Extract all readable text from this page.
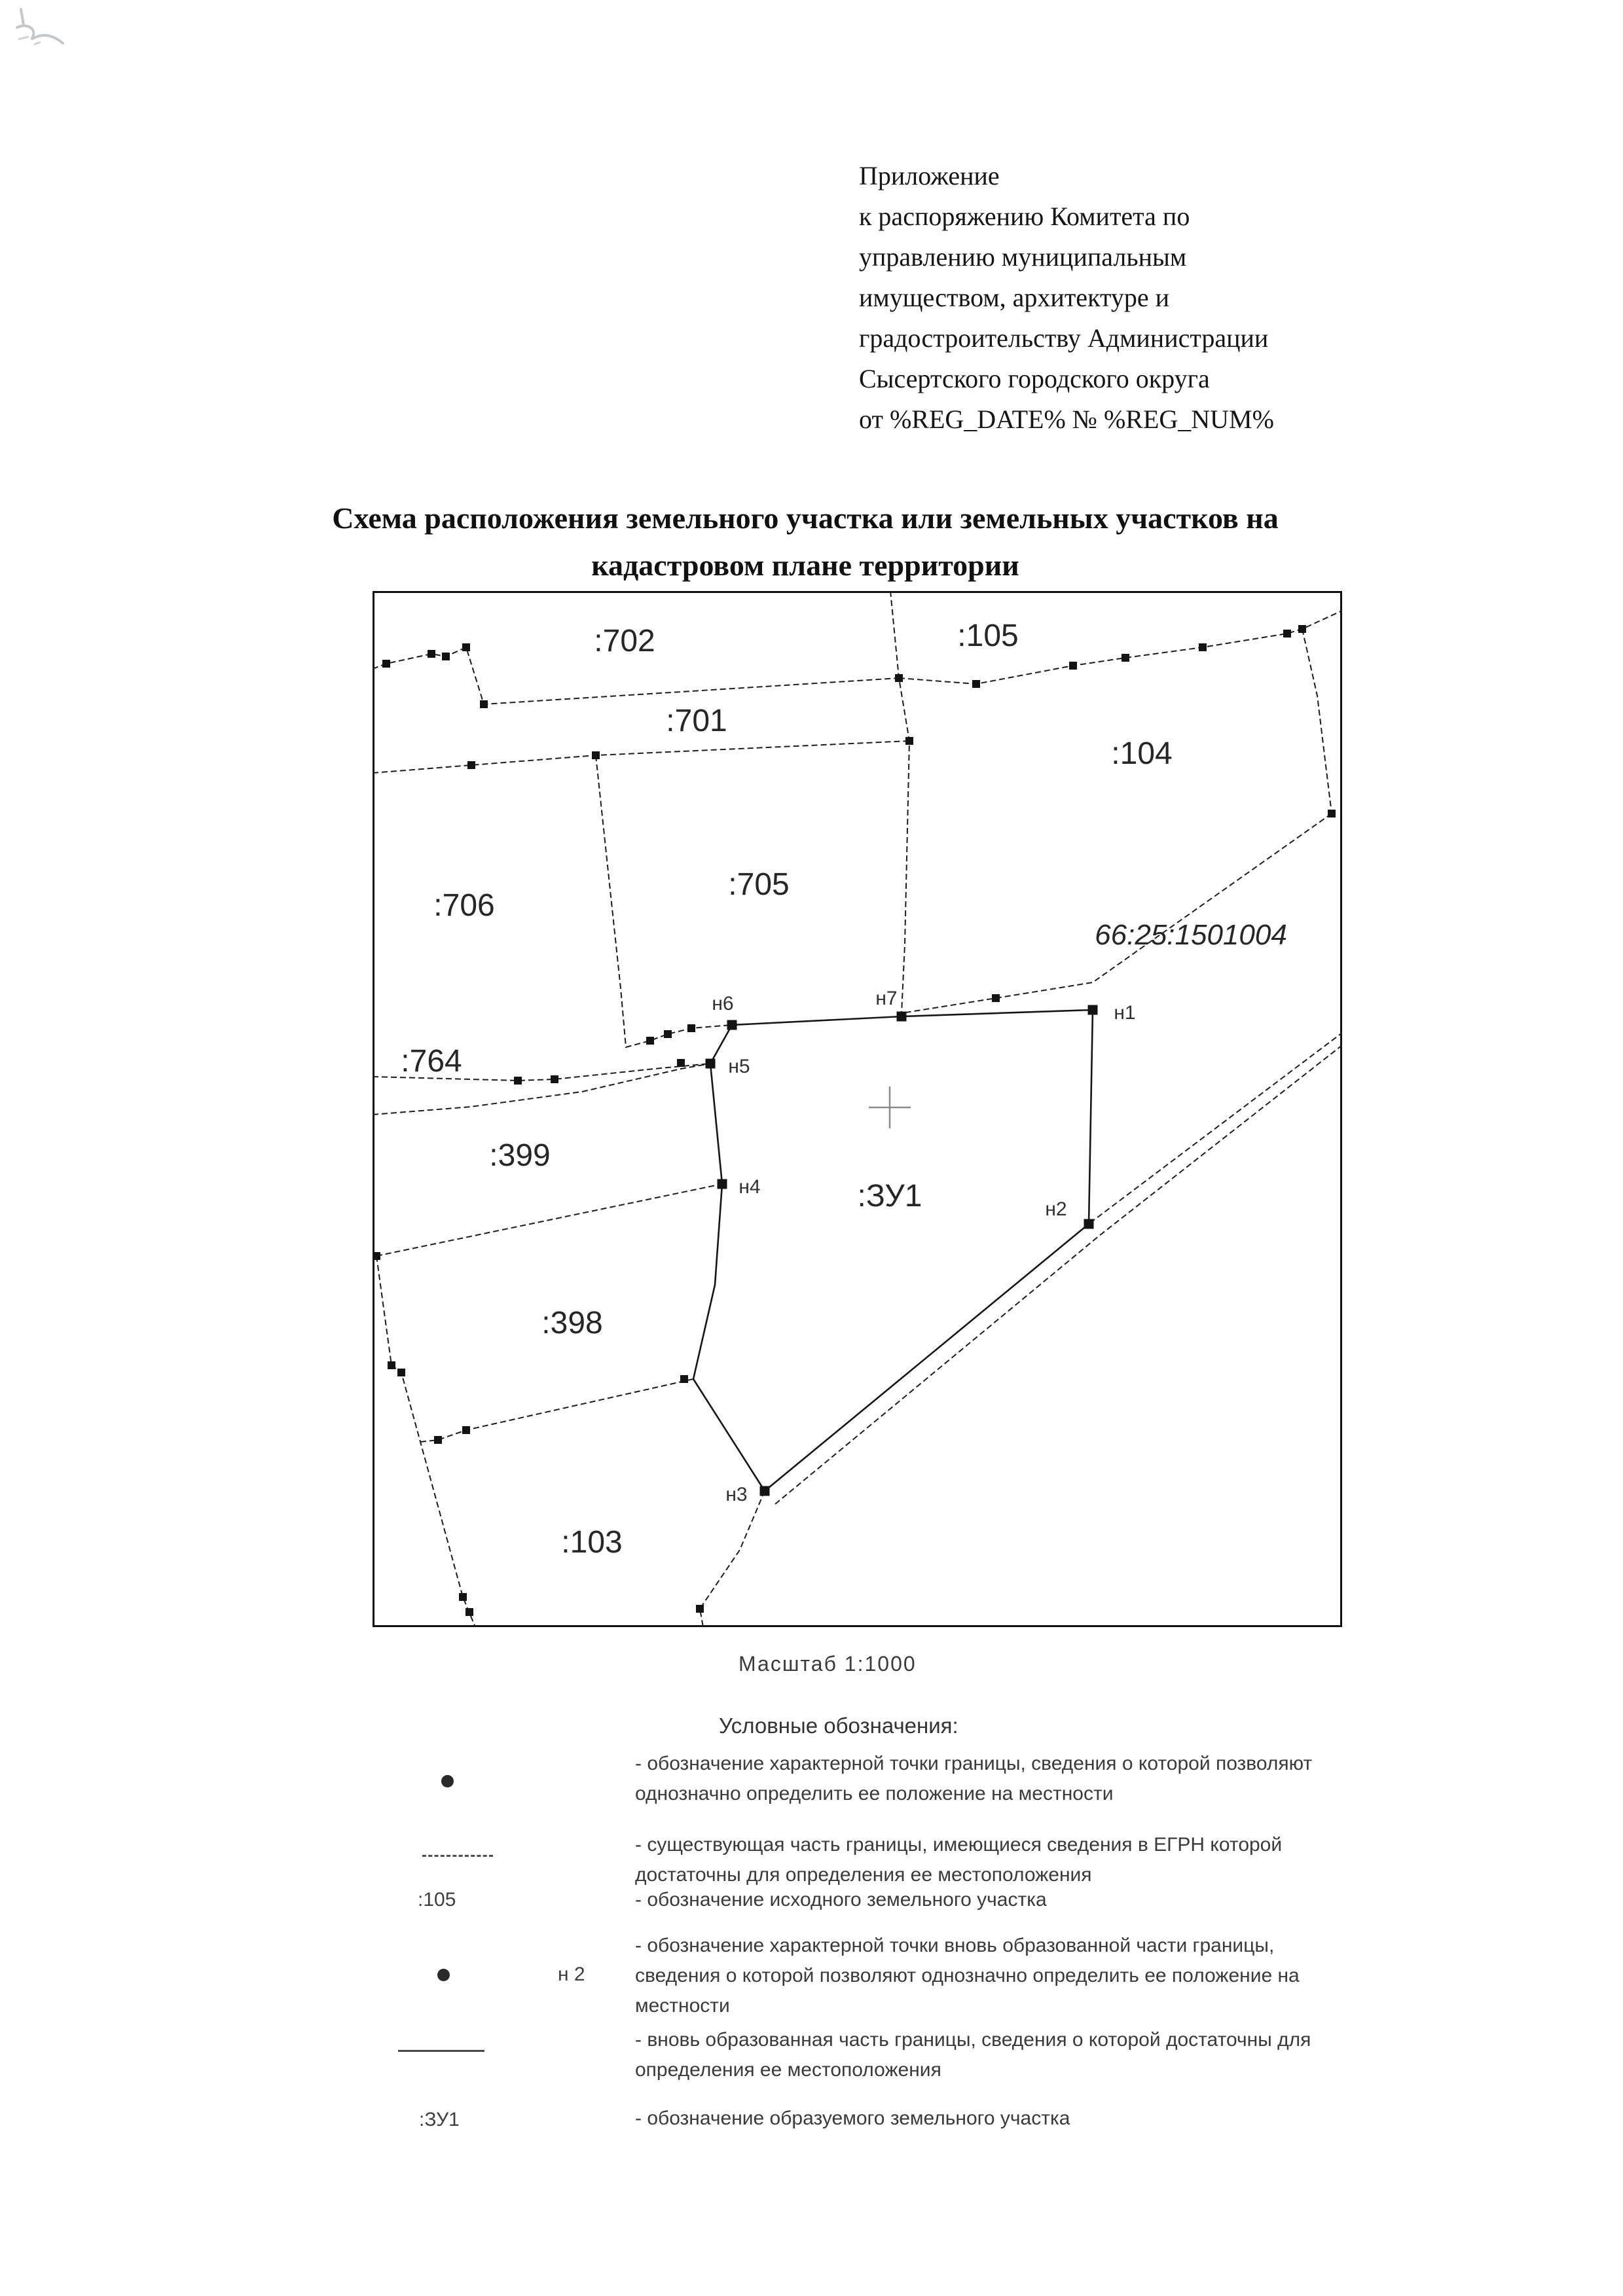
Приложение
к распоряжению Комитета по
управлению муниципальным
имуществом, архитектуре и
градостроительству Администрации
Сысертского городского округа
от %REG_DATE% № %REG_NUM%
Схема расположения земельного участка или земельных участков на
кадастровом плане территории
:702	:105
:701
:104
:706
:705
66:25:1501004
:764
:399
:ЗУ1
:398
:103
н6	н7
н1
н5
н4
н2
н3
Масштаб 1:1000
Условные обозначения:
- обозначение характерной точки границы, сведения о которой позволяют
однозначно определить ее положение на местности
- существующая часть границы, имеющиеся сведения в ЕГРН которой
достаточны для определения ее местоположения
:105	- обозначение исходного земельного участка
н 2
- обозначение характерной точки вновь образованной части границы,
сведения о которой позволяют однозначно определить ее положение на
местности
- вновь образованная часть границы, сведения о которой достаточны для
определения ее местоположения
:ЗУ1	- обозначение образуемого земельного участка
